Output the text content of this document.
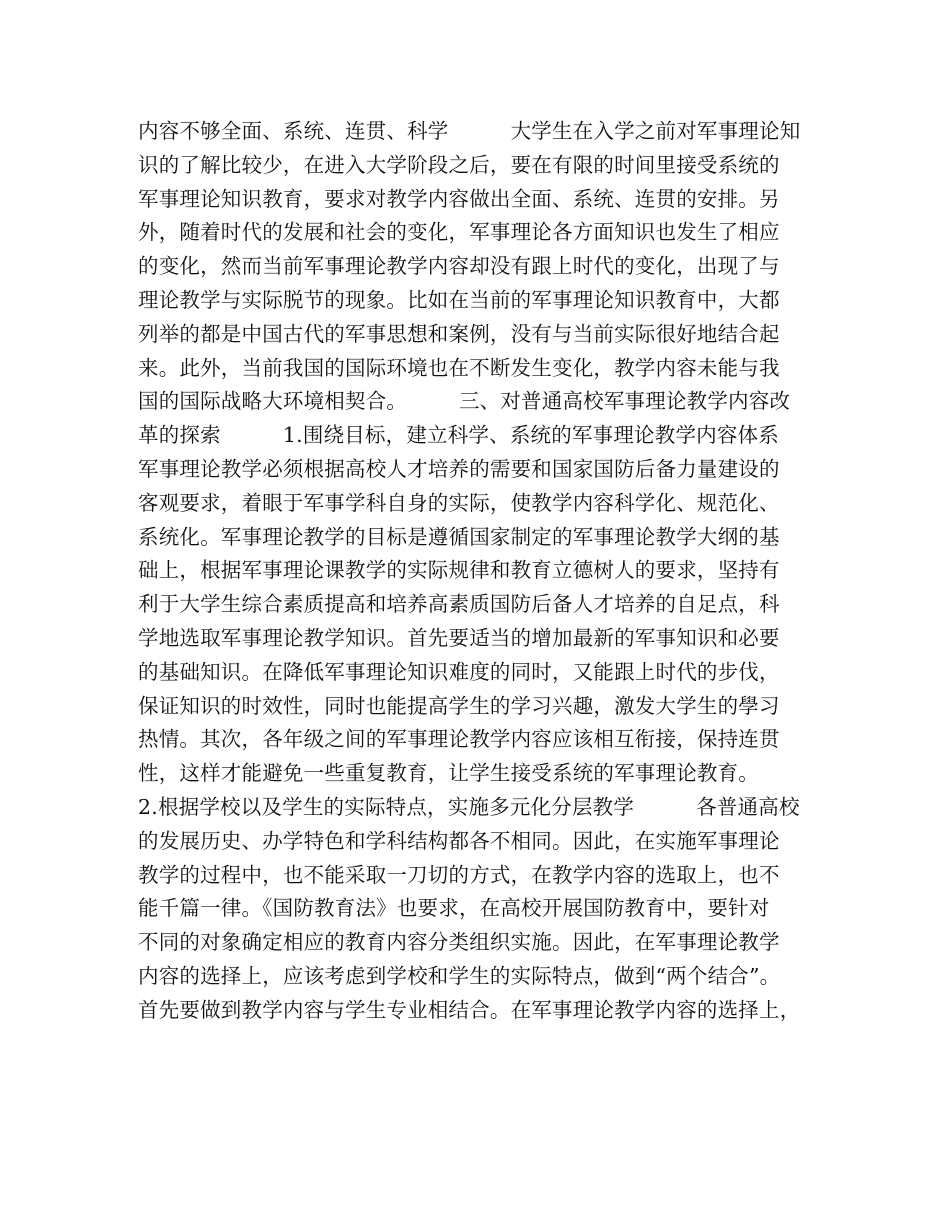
内容不够全面、系统、连贯、科学　　　大学生在入学之前对军事理论知
识的了解比较少，在进入大学阶段之后，要在有限的时间里接受系统的
军事理论知识教育，要求对教学内容做出全面、系统、连贯的安排。另
外，随着时代的发展和社会的变化，军事理论各方面知识也发生了相应
的变化，然而当前军事理论教学内容却没有跟上时代的变化，出现了与
理论教学与实际脱节的现象。比如在当前的军事理论知识教育中，大都
列举的都是中国古代的军事思想和案例，没有与当前实际很好地结合起
来。此外，当前我国的国际环境也在不断发生变化，教学内容未能与我
国的国际战略大环境相契合。　　　三、对普通高校军事理论教学内容改
革的探索　　　1.围绕目标，建立科学、系统的军事理论教学内容体系
军事理论教学必须根据高校人才培养的需要和国家国防后备力量建设的
客观要求，着眼于军事学科自身的实际，使教学内容科学化、规范化、
系统化。军事理论教学的目标是遵循国家制定的军事理论教学大纲的基
础上，根据军事理论课教学的实际规律和教育立德树人的要求，坚持有
利于大学生综合素质提高和培养高素质国防后备人才培养的自足点，科
学地选取军事理论教学知识。首先要适当的增加最新的军事知识和必要
的基础知识。在降低军事理论知识难度的同时，又能跟上时代的步伐，
保证知识的时效性，同时也能提高学生的学习兴趣，激发大学生的學习
热情。其次，各年级之间的军事理论教学内容应该相互衔接，保持连贯
性，这样才能避免一些重复教育，让学生接受系统的军事理论教育。
2.根据学校以及学生的实际特点，实施多元化分层教学　　　各普通高校
的发展历史、办学特色和学科结构都各不相同。因此，在实施军事理论
教学的过程中，也不能采取一刀切的方式，在教学内容的选取上，也不
能千篇一律。《国防教育法》也要求，在高校开展国防教育中，要针对
不同的对象确定相应的教育内容分类组织实施。因此，在军事理论教学
内容的选择上，应该考虑到学校和学生的实际特点，做到“两个结合”。
首先要做到教学内容与学生专业相结合。在军事理论教学内容的选择上，
